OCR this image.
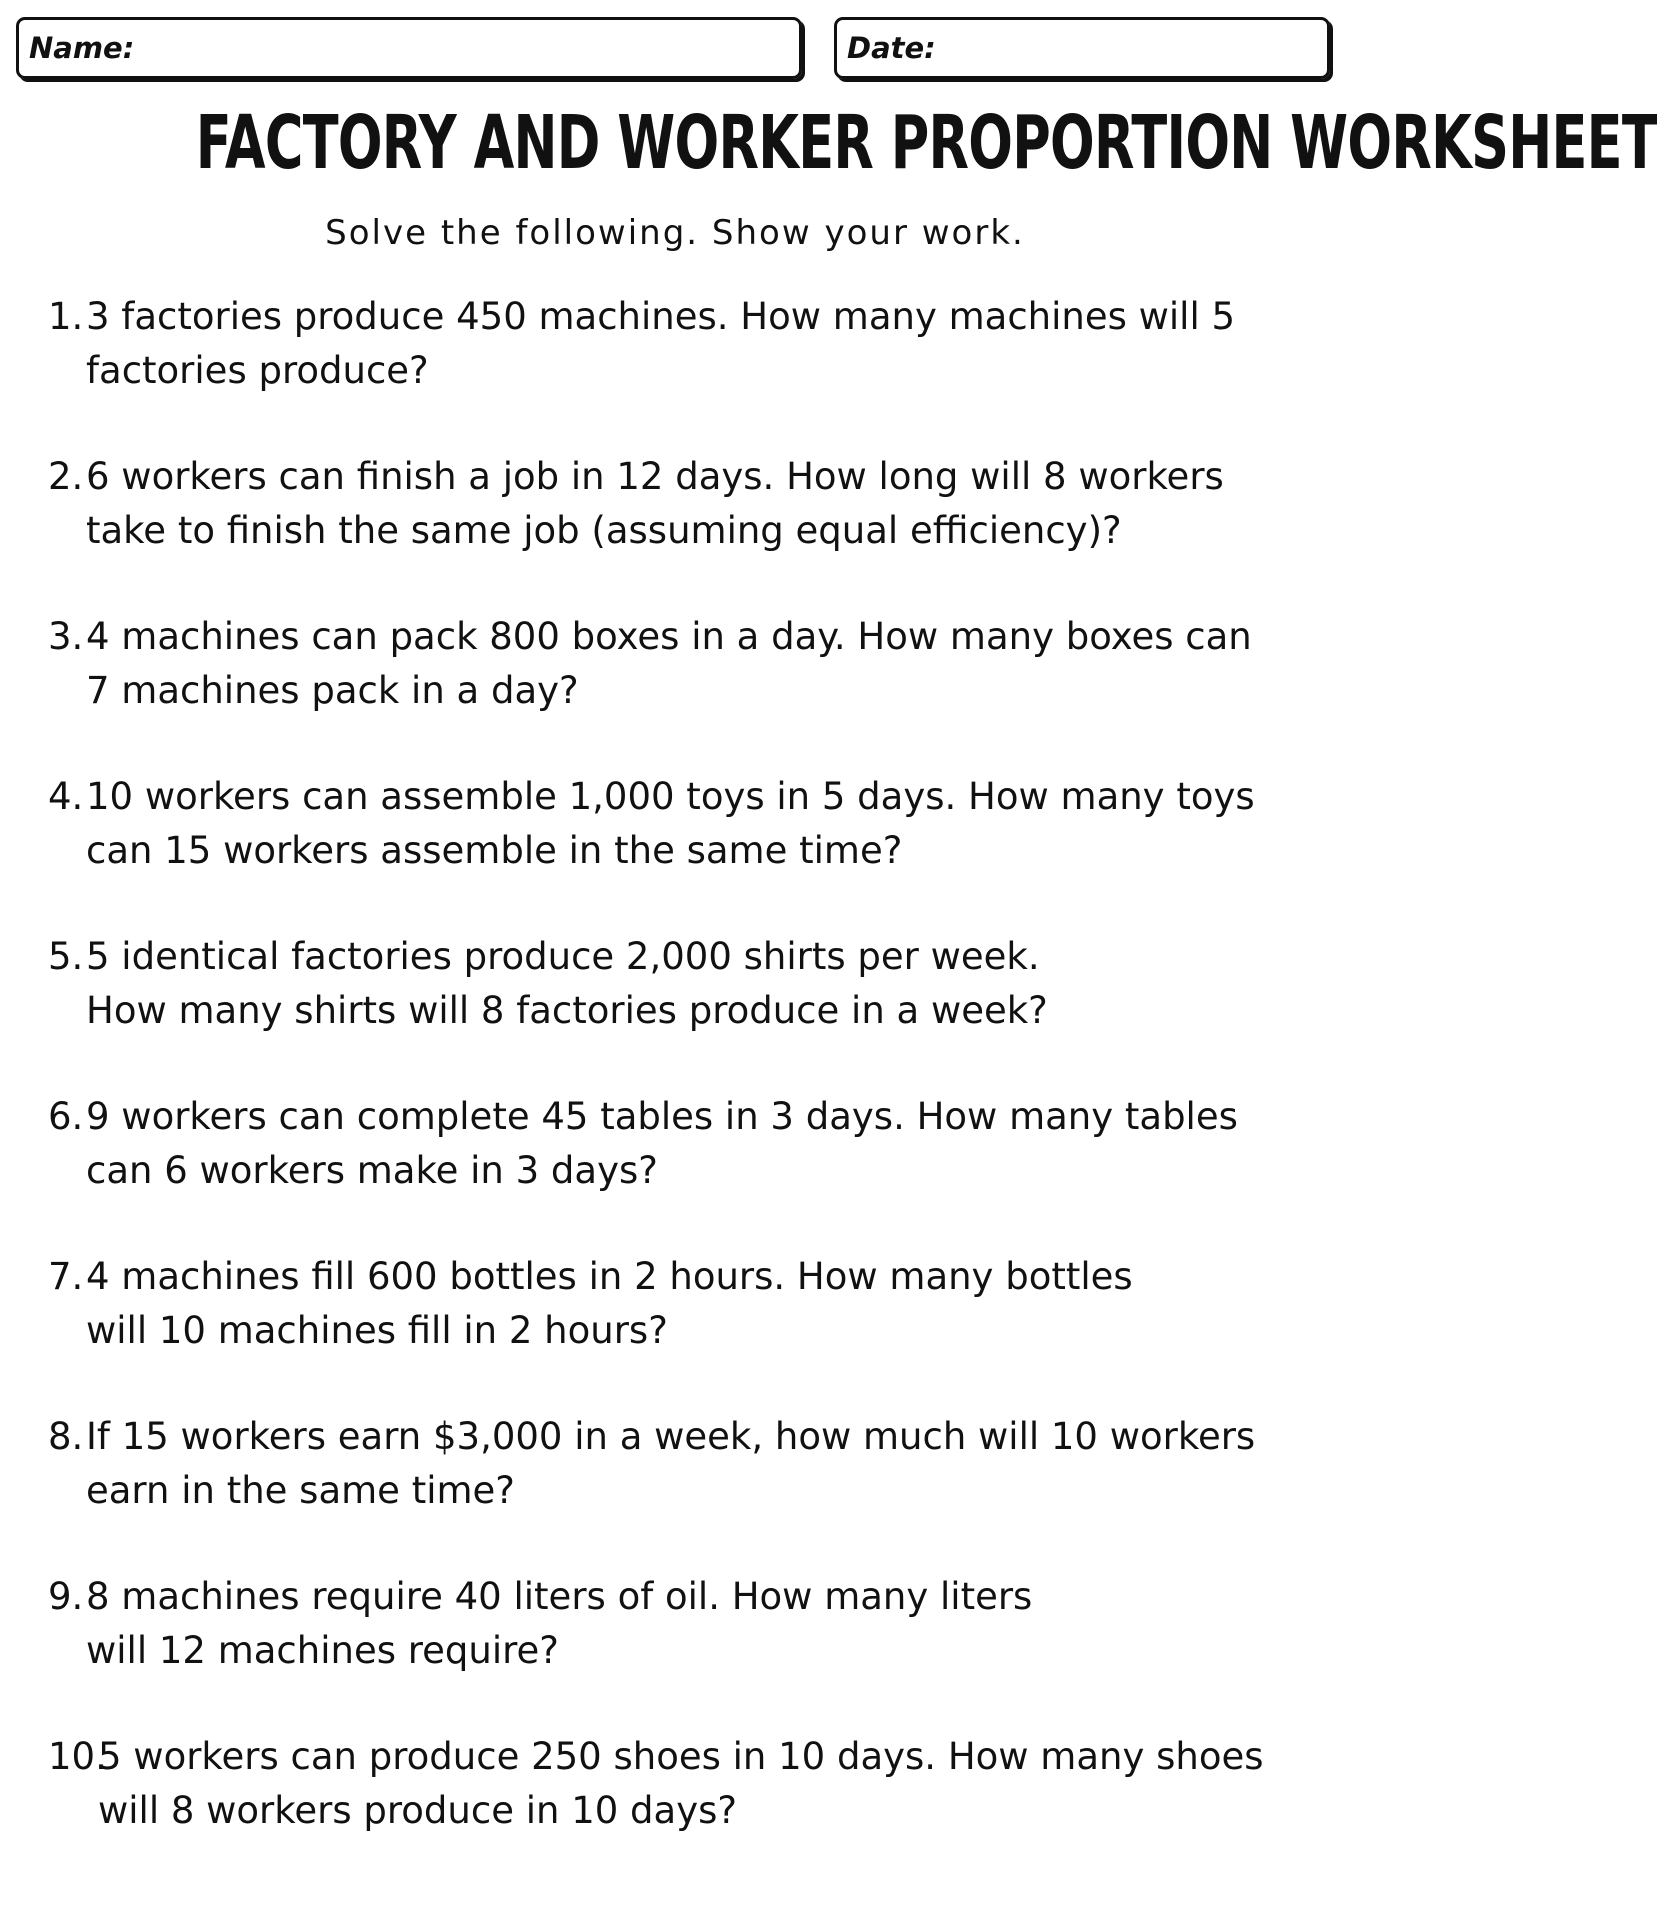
Name:	Date:
FACTORY AND WORKER PROPORTION WORKSHEET
Solve the following. Show your work.
1. 3 factories produce 450 machines. How many machines will 5
factories produce?
2. 6 workers can finish a job in 12 days. How long will 8 workers
take to finish the same job (assuming equal efficiency)?
3. 4 machines can pack 800 boxes in a day. How many boxes can
7 machines pack in a day?
4. 10 workers can assemble 1,000 toys in 5 days. How many toys
can 15 workers assemble in the same time?
5. 5 identical factories produce 2,000 shirts per week.
How many shirts will 8 factories produce in a week?
6. 9 workers can complete 45 tables in 3 days. How many tables
can 6 workers make in 3 days?
7. 4 machines fill 600 bottles in 2 hours. How many bottles
will 10 machines fill in 2 hours?
8. If 15 workers earn $3,000 in a week, how much will 10 workers
earn in the same time?
9. 8 machines require 40 liters of oil. How many liters
will 12 machines require?
10.
5 workers can produce 250 shoes in 10 days. How many shoes
will 8 workers produce in 10 days?
